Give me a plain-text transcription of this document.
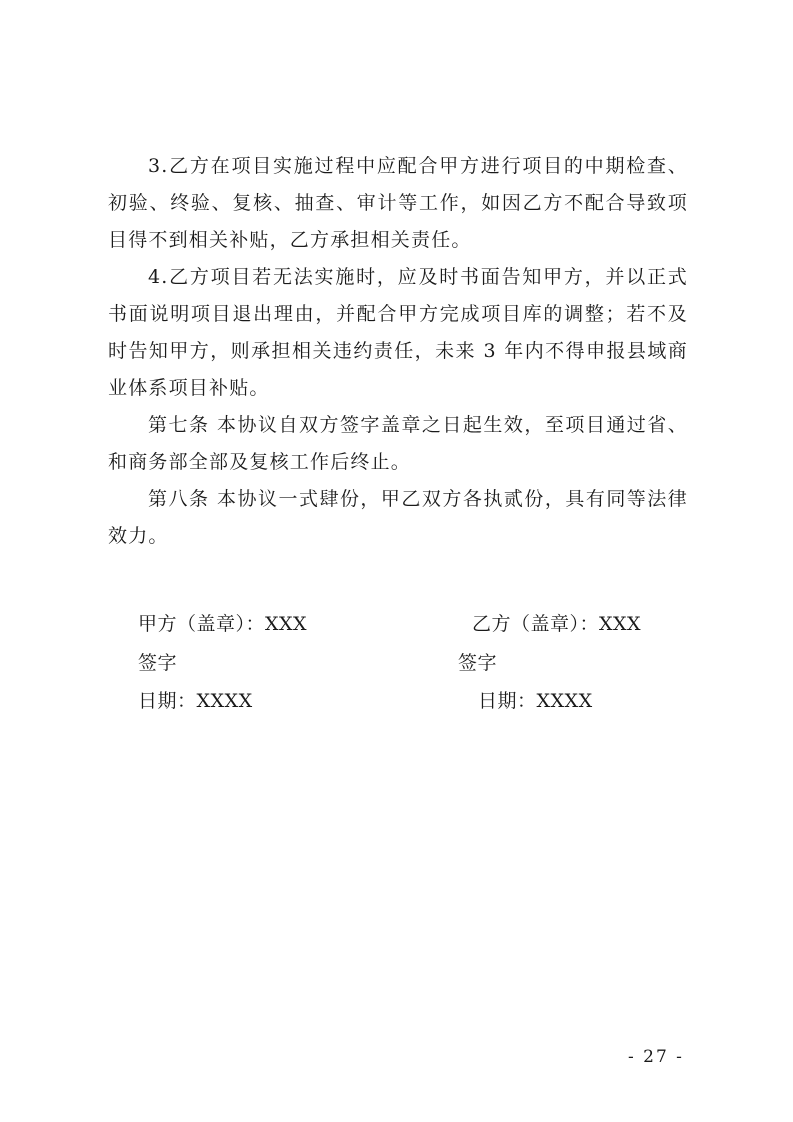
3.乙方在项目实施过程中应配合甲方进行项目的中期检查、初验、终验、复核、抽查、审计等工作，如因乙方不配合导致项目得不到相关补贴，乙方承担相关责任。

4.乙方项目若无法实施时，应及时书面告知甲方，并以正式书面说明项目退出理由，并配合甲方完成项目库的调整；若不及时告知甲方，则承担相关违约责任，未来 3 年内不得申报县域商业体系项目补贴。

第七条 本协议自双方签字盖章之日起生效，至项目通过省、和商务部全部及复核工作后终止。

第八条 本协议一式肆份，甲乙双方各执贰份，具有同等法律效力。

甲方（盖章）：XXX
签字
日期：XXXX
乙方（盖章）：XXX
签字
日期：XXXX
- 27 -
